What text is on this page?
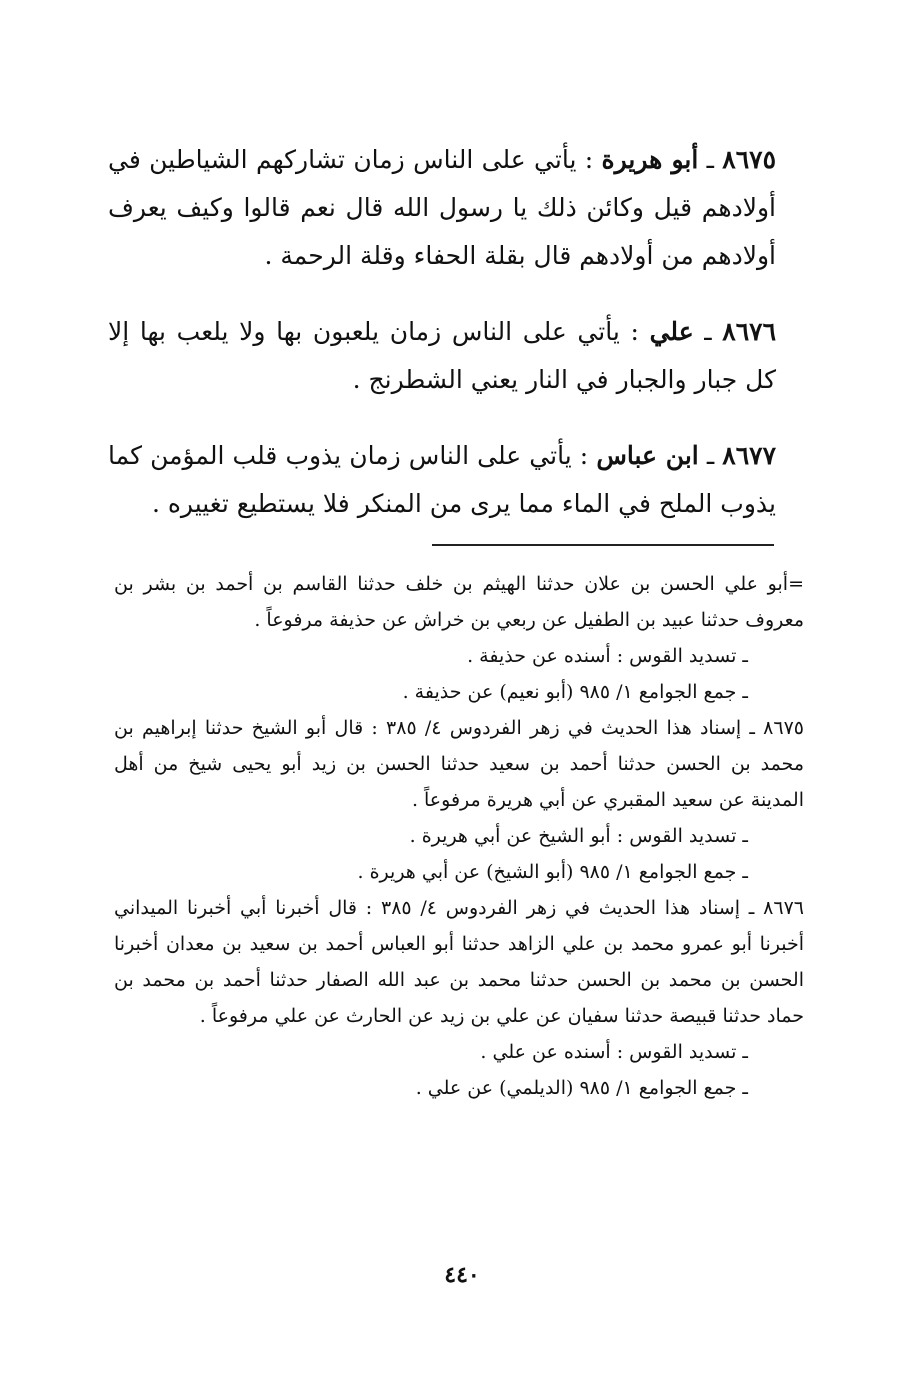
٨٦٧٥ ـ أبو هريرة : يأتي على الناس زمان تشاركهم الشياطين في أولادهم قيل وكائن ذلك يا رسول الله قال نعم قالوا وكيف يعرف أولادهم من أولادهم قال بقلة الحفاء وقلة الرحمة .

٨٦٧٦ ـ علي : يأتي على الناس زمان يلعبون بها ولا يلعب بها إلا كل جبار والجبار في النار يعني الشطرنج .

٨٦٧٧ ـ ابن عباس : يأتي على الناس زمان يذوب قلب المؤمن كما يذوب الملح في الماء مما يرى من المنكر فلا يستطيع تغييره .

=أبو علي الحسن بن علان حدثنا الهيثم بن خلف حدثنا القاسم بن أحمد بن بشر بن معروف حدثنا عبيد بن الطفيل عن ربعي بن خراش عن حذيفة مرفوعاً .

ـ تسديد القوس : أسنده عن حذيفة .

ـ جمع الجوامع ١/ ٩٨٥ (أبو نعيم) عن حذيفة .

٨٦٧٥ ـ إسناد هذا الحديث في زهر الفردوس ٤/ ٣٨٥ : قال أبو الشيخ حدثنا إبراهيم بن محمد بن الحسن حدثنا أحمد بن سعيد حدثنا الحسن بن زيد أبو يحيى شيخ من أهل المدينة عن سعيد المقبري عن أبي هريرة مرفوعاً .

ـ تسديد القوس : أبو الشيخ عن أبي هريرة .

ـ جمع الجوامع ١/ ٩٨٥ (أبو الشيخ) عن أبي هريرة .

٨٦٧٦ ـ إسناد هذا الحديث في زهر الفردوس ٤/ ٣٨٥ : قال أخبرنا أبي أخبرنا الميداني أخبرنا أبو عمرو محمد بن علي الزاهد حدثنا أبو العباس أحمد بن سعيد بن معدان أخبرنا الحسن بن محمد بن الحسن حدثنا محمد بن عبد الله الصفار حدثنا أحمد بن محمد بن حماد حدثنا قبيصة حدثنا سفيان عن علي بن زيد عن الحارث عن علي مرفوعاً .

ـ تسديد القوس : أسنده عن علي .

ـ جمع الجوامع ١/ ٩٨٥ (الديلمي) عن علي .

٤٤٠
